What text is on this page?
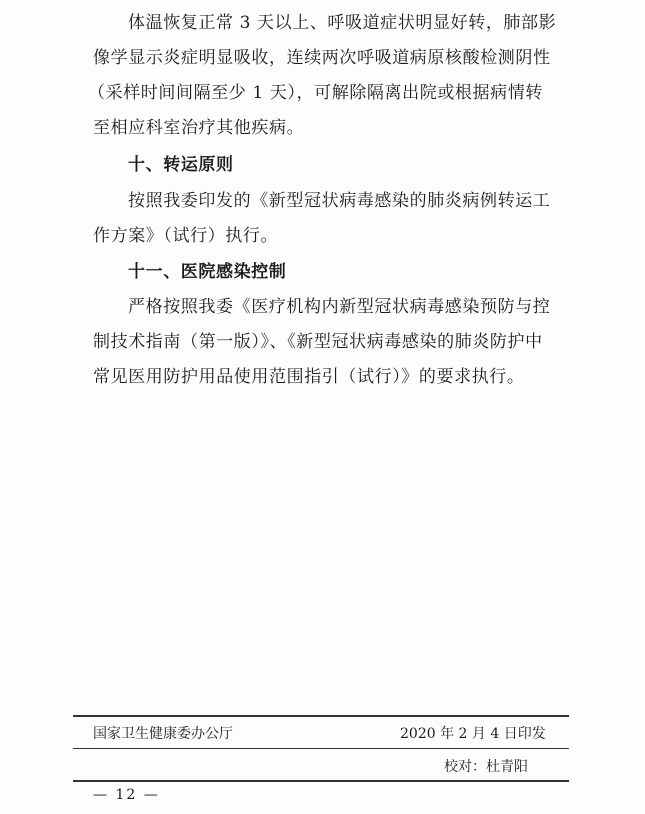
体温恢复正常 3 天以上、呼吸道症状明显好转，肺部影
像学显示炎症明显吸收，连续两次呼吸道病原核酸检测阴性
（采样时间间隔至少 1 天），可解除隔离出院或根据病情转
至相应科室治疗其他疾病。
十、转运原则
按照我委印发的《新型冠状病毒感染的肺炎病例转运工
作方案》（试行）执行。
十一、医院感染控制
严格按照我委《医疗机构内新型冠状病毒感染预防与控
制技术指南（第一版）》、《新型冠状病毒感染的肺炎防护中
常见医用防护用品使用范围指引（试行）》的要求执行。
国家卫生健康委办公厅	2020 年 2 月 4 日印发
校对：杜青阳
— 12 —
